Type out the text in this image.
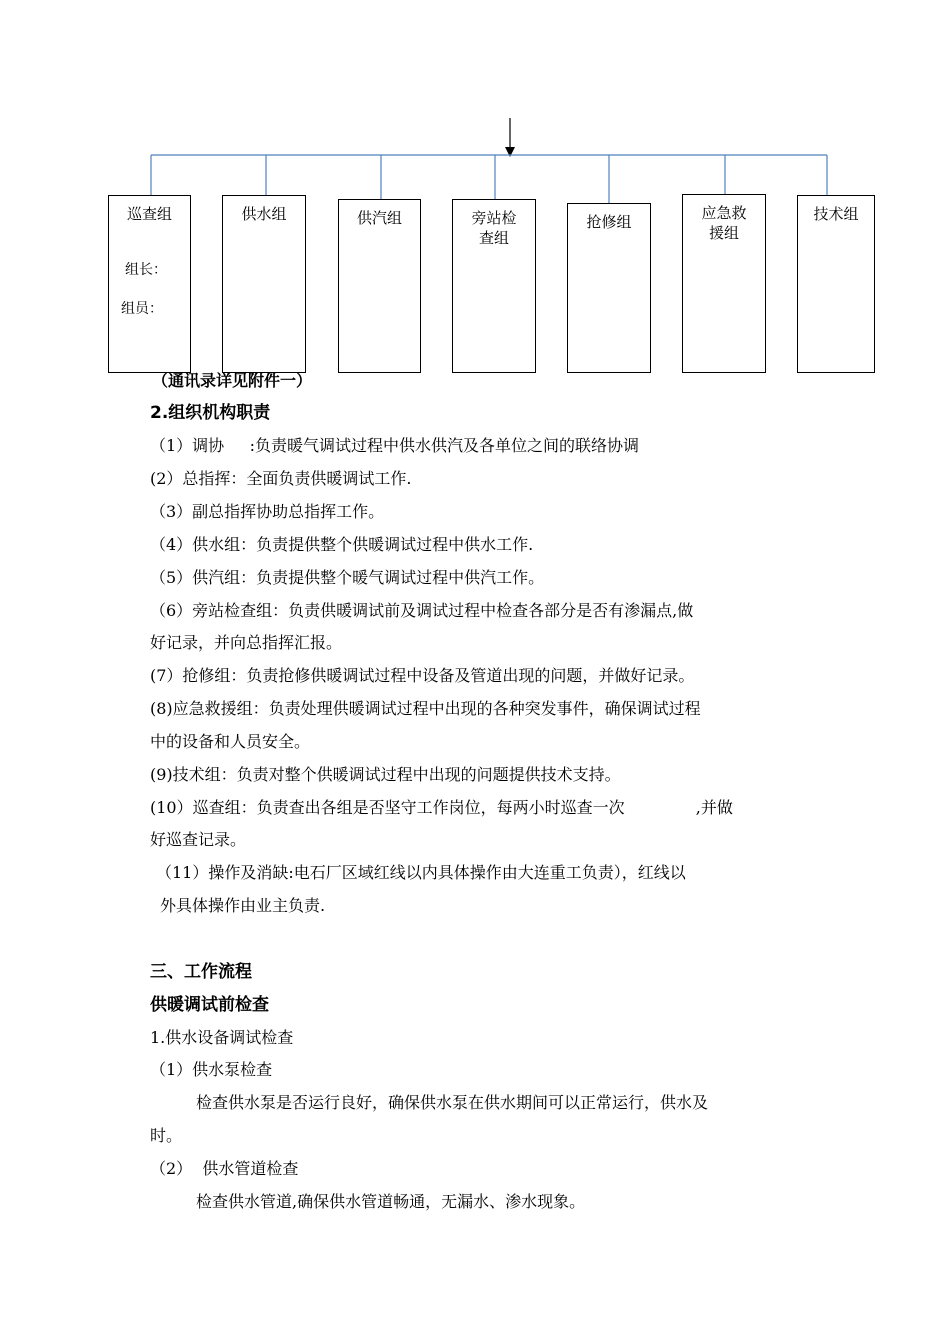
巡查组
组长：
组员：
供水组	供汽组	旁站检查组
抢修组	应急救援组
技术组
（通讯录详见附件一）
2.组织机构职责
（1）调协     :负责暖气调试过程中供水供汽及各单位之间的联络协调
(2）总指挥：全面负责供暖调试工作.
（3）副总指挥协助总指挥工作。
（4）供水组：负责提供整个供暖调试过程中供水工作.
（5）供汽组：负责提供整个暖气调试过程中供汽工作。
（6）旁站检查组：负责供暖调试前及调试过程中检查各部分是否有渗漏点,做
好记录，并向总指挥汇报。
(7）抢修组：负责抢修供暖调试过程中设备及管道出现的问题，并做好记录。
(8)应急救援组：负责处理供暖调试过程中出现的各种突发事件，确保调试过程
中的设备和人员安全。
(9)技术组：负责对整个供暖调试过程中出现的问题提供技术支持。
(10）巡查组：负责查出各组是否坚守工作岗位，每两小时巡查一次              ,并做
好巡查记录。
（11）操作及消缺:电石厂区域红线以内具体操作由大连重工负责），红线以
外具体操作由业主负责.
三、工作流程
供暖调试前检查
1.供水设备调试检查
（1）供水泵检查
检查供水泵是否运行良好，确保供水泵在供水期间可以正常运行，供水及
时。
（2）  供水管道检查
检查供水管道,确保供水管道畅通，无漏水、渗水现象。
